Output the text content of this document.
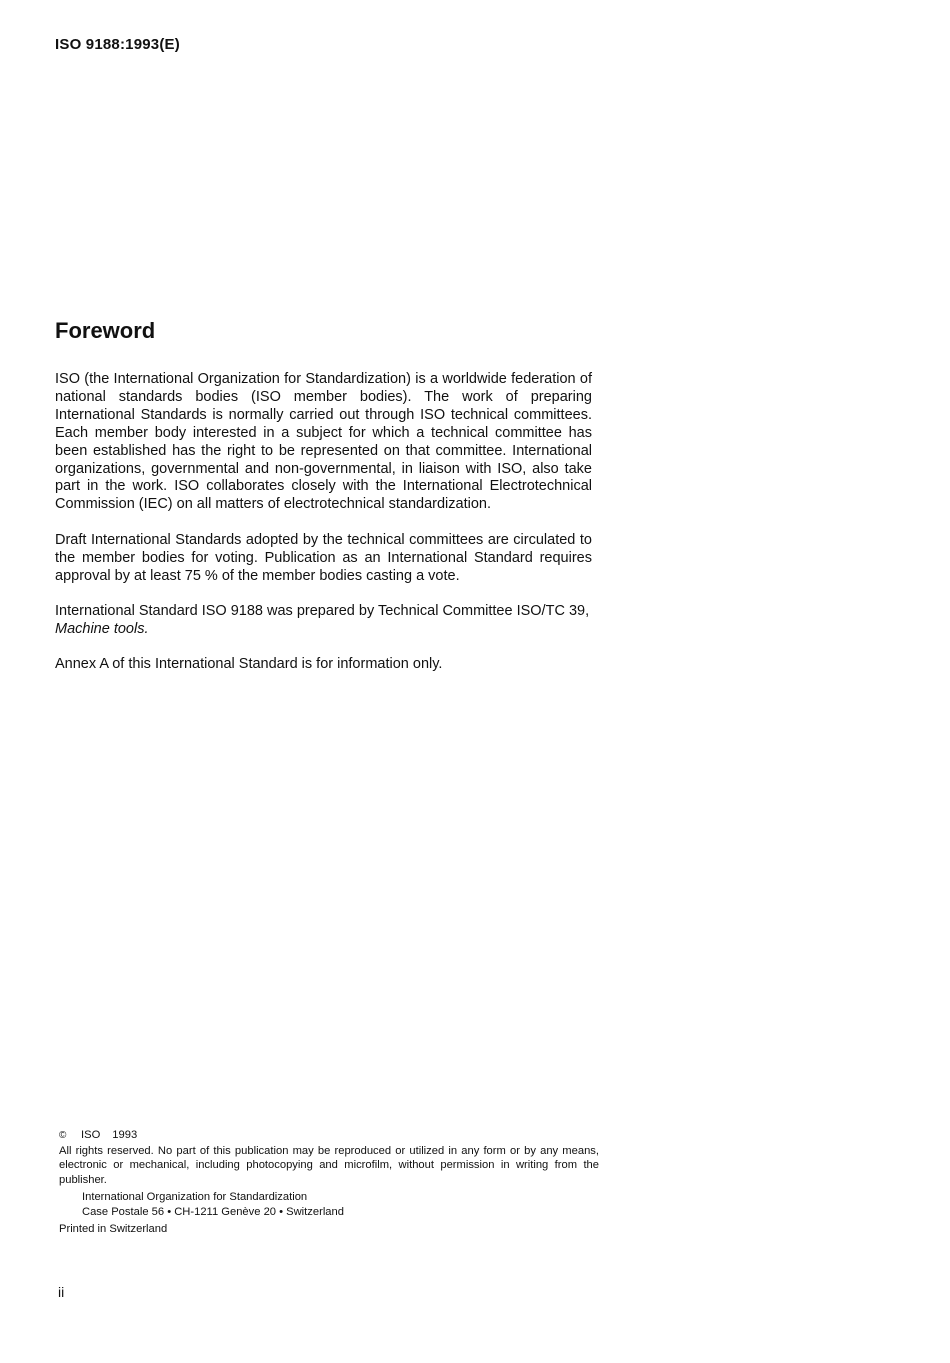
ISO 9188:1993(E)
Foreword

ISO (the International Organization for Standardization) is a worldwide federation of national standards bodies (ISO member bodies). The work of preparing International Standards is normally carried out through ISO technical committees. Each member body interested in a subject for which a technical committee has been established has the right to be represented on that committee. International organizations, governmental and non-governmental, in liaison with ISO, also take part in the work. ISO collaborates closely with the International Electrotechnical Commission (IEC) on all matters of electrotechnical standardization.

Draft International Standards adopted by the technical committees are circulated to the member bodies for voting. Publication as an International Standard requires approval by at least 75 % of the member bodies casting a vote.

International Standard ISO 9188 was prepared by Technical Committee ISO/TC 39, Machine tools.

Annex A of this International Standard is for information only.

© ISO 1993

All rights reserved. No part of this publication may be reproduced or utilized in any form or by any means, electronic or mechanical, including photocopying and microfilm, without permission in writing from the publisher.

International Organization for Standardization
Case Postale 56 • CH-1211 Genève 20 • Switzerland
Printed in Switzerland
ii
